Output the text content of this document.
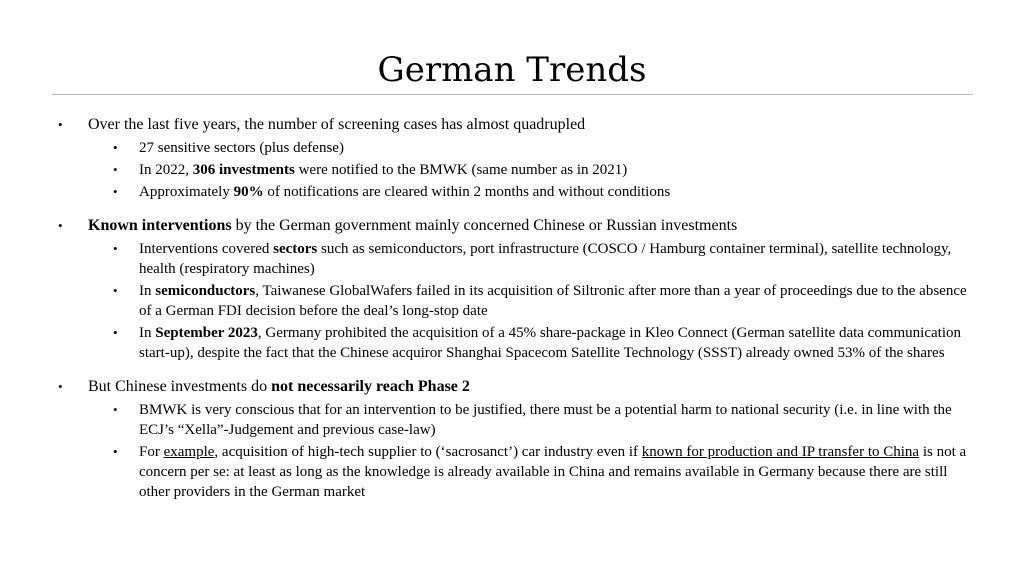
German Trends
• Over the last five years, the number of screening cases has almost quadrupled
• 27 sensitive sectors (plus defense)
• In 2022, 306 investments were notified to the BMWK (same number as in 2021)
• Approximately 90% of notifications are cleared within 2 months and without conditions
• Known interventions by the German government mainly concerned Chinese or Russian investments
• Interventions covered sectors such as semiconductors, port infrastructure (COSCO / Hamburg container terminal), satellite technology, health (respiratory machines)
• In semiconductors, Taiwanese GlobalWafers failed in its acquisition of Siltronic after more than a year of proceedings due to the absence of a German FDI decision before the deal’s long-stop date
• In September 2023, Germany prohibited the acquisition of a 45% share-package in Kleo Connect (German satellite data communication start-up), despite the fact that the Chinese acquiror Shanghai Spacecom Satellite Technology (SSST) already owned 53% of the shares
• But Chinese investments do not necessarily reach Phase 2
• BMWK is very conscious that for an intervention to be justified, there must be a potential harm to national security (i.e. in line with the ECJ’s “Xella”-Judgement and previous case-law)
• For example, acquisition of high-tech supplier to (‘sacrosanct’) car industry even if known for production and IP transfer to China is not a concern per se: at least as long as the knowledge is already available in China and remains available in Germany because there are still other providers in the German market
